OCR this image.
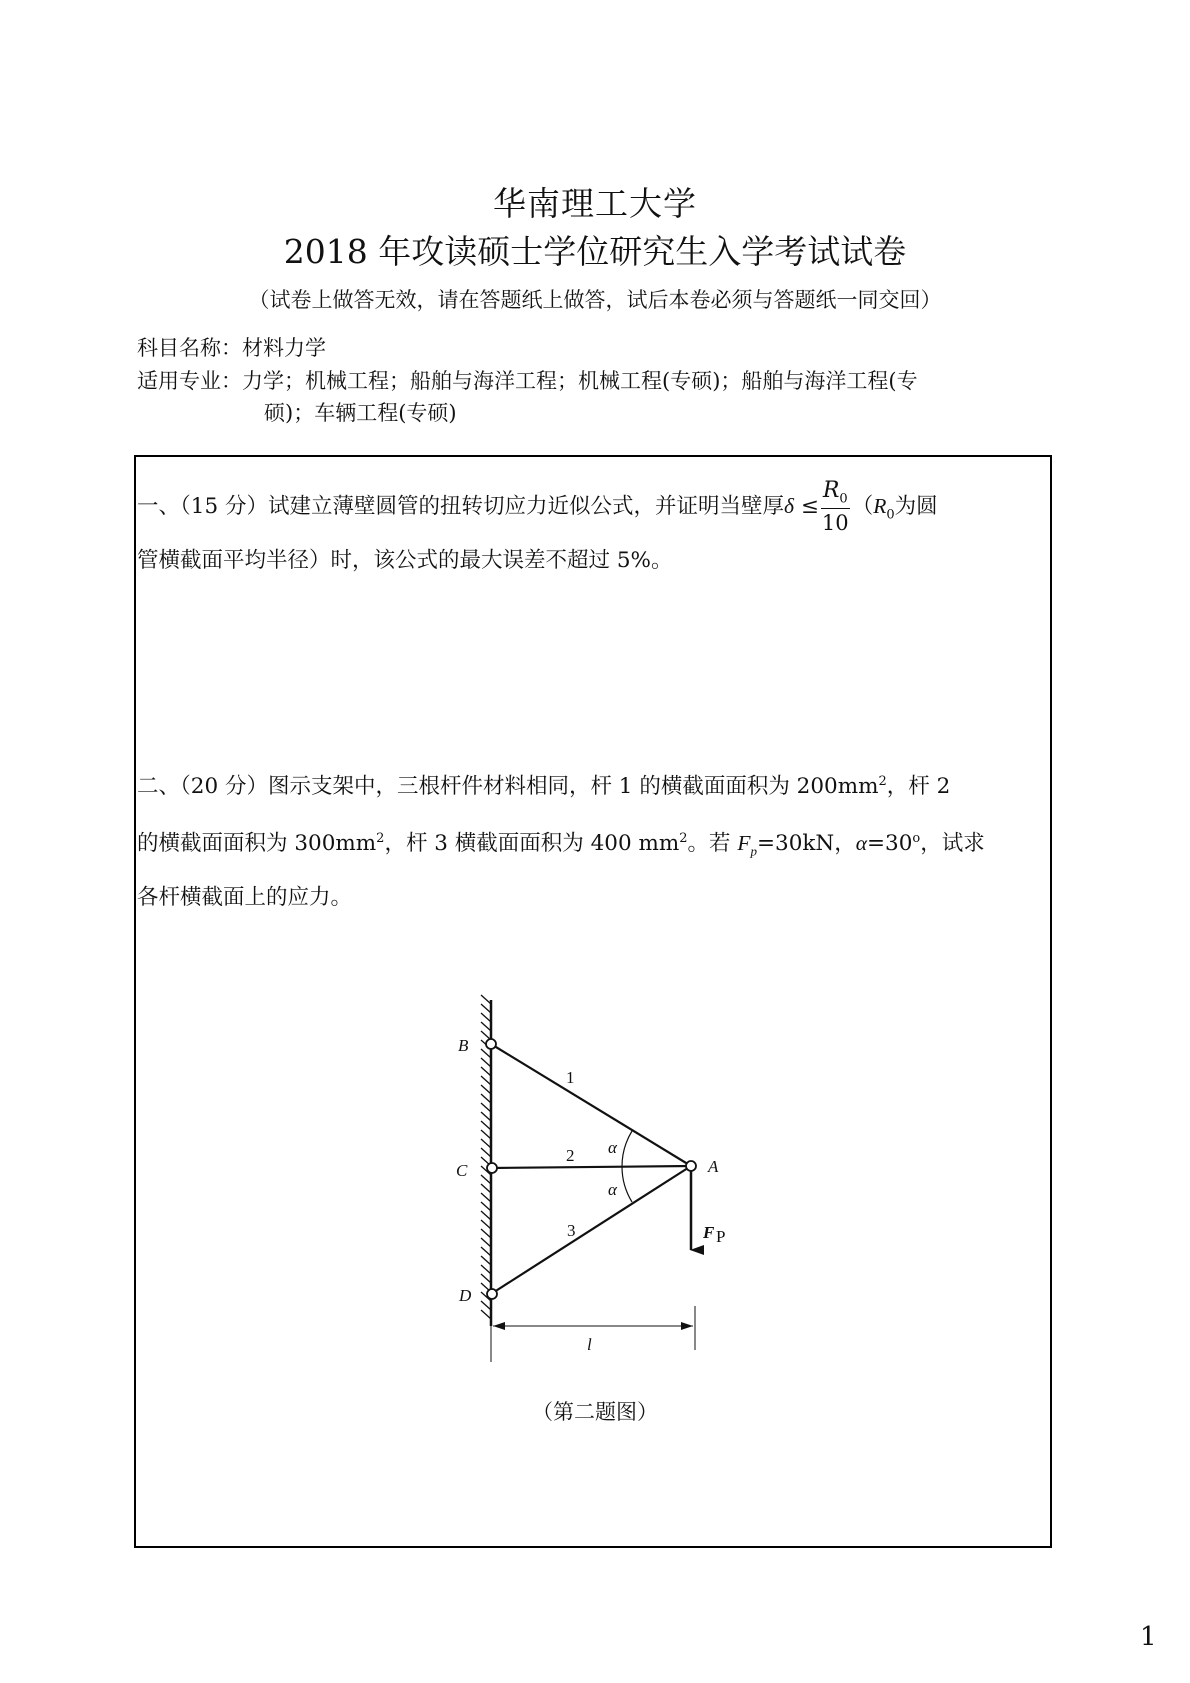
华南理工大学
2018 年攻读硕士学位研究生入学考试试卷
（试卷上做答无效，请在答题纸上做答，试后本卷必须与答题纸一同交回）
科目名称：材料力学
适用专业：力学；机械工程；船舶与海洋工程；机械工程(专硕)；船舶与海洋工程(专
硕)；车辆工程(专硕)
一、（15 分）试建立薄壁圆管的扭转切应力近似公式，并证明当壁厚$\delta \le \frac{R_0}{10} (R_0$为圆
管横截面平均半径）时，该公式的最大误差不超过 5%。
二、（20 分）图示支架中，三根杆件材料相同，杆 1 的横截面面积为 $200mm^2$，杆 2
的横截面面积为 $300mm^2$，杆 3 横截面面积为 400 $mm^2$。若 $F_p=30kN$，$\alpha=30^o$，试求
各杆横截面上的应力。
B
C
D
A
1
2
3
α
α
F P
l
（第二题图）
1
